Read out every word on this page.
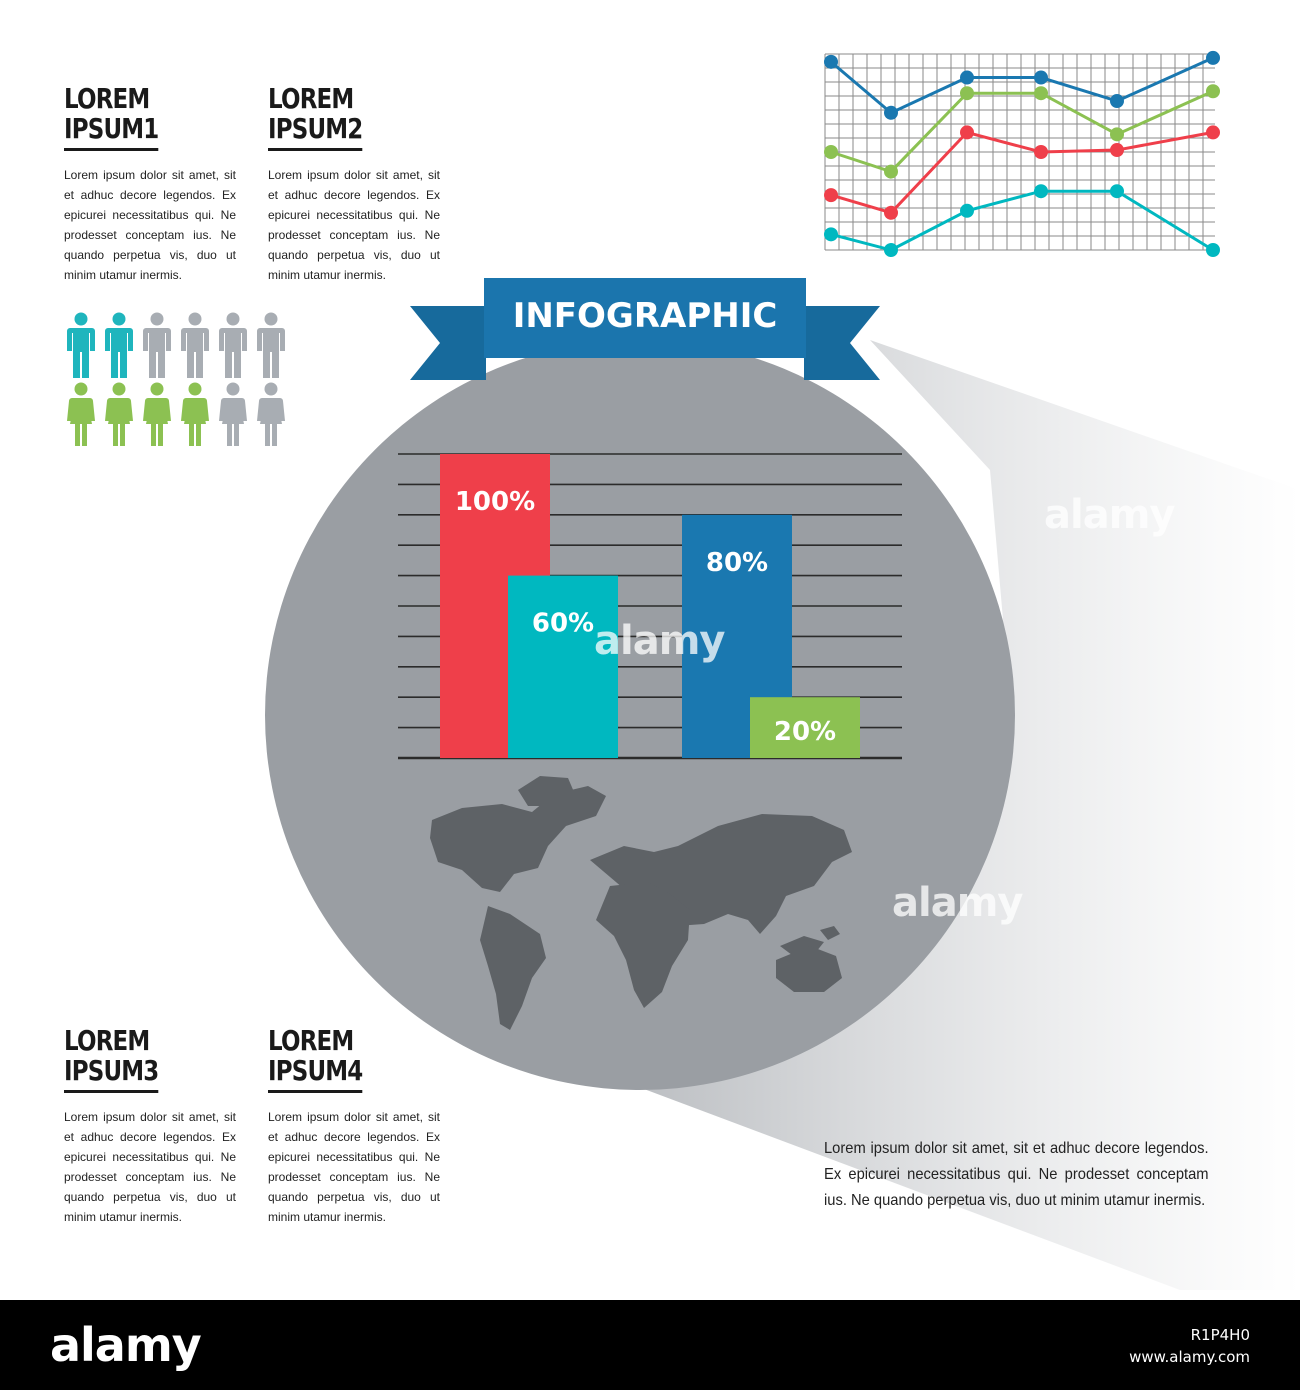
LOREM
IPSUM1
Lorem ipsum dolor sit amet, sit et adhuc decore legendos. Ex epicurei necessitatibus qui. Ne prodesset conceptam ius. Ne quando perpetua vis, duo ut minim utamur inermis.
LOREM
IPSUM2
Lorem ipsum dolor sit amet, sit et adhuc decore legendos. Ex epicurei necessitatibus qui. Ne prodesset conceptam ius. Ne quando perpetua vis, duo ut minim utamur inermis.
LOREM
IPSUM3
Lorem ipsum dolor sit amet, sit et adhuc decore legendos. Ex epicurei necessitatibus qui. Ne prodesset conceptam ius. Ne quando perpetua vis, duo ut minim utamur inermis.
LOREM
IPSUM4
Lorem ipsum dolor sit amet, sit et adhuc decore legendos. Ex epicurei necessitatibus qui. Ne prodesset conceptam ius. Ne quando perpetua vis, duo ut minim utamur inermis.
100%
60%
80%
20%
INFOGRAPHIC
alamy
alamy
alamy
Lorem ipsum dolor sit amet, sit et adhuc decore legendos. Ex epicurei necessitatibus qui. Ne prodesset conceptam ius. Ne quando perpetua vis, duo ut minim utamur inermis.
alamy	R1P4H0
www.alamy.com
